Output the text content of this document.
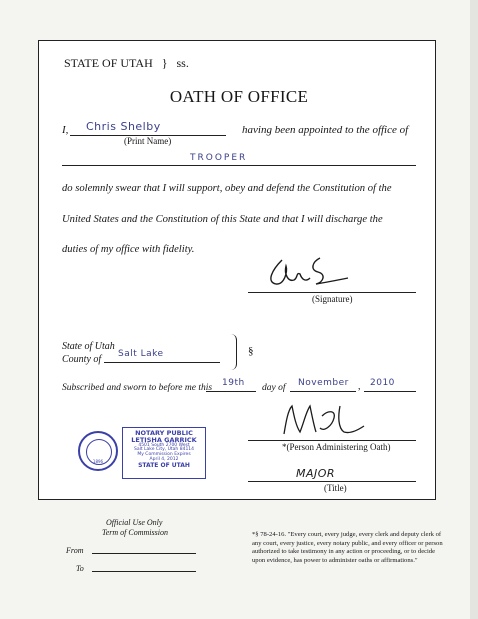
STATE OF UTAH } ss.
OATH OF OFFICE
I, Chris Shelby
(Print Name)
having been appointed to the office of
TROOPER
do solemnly swear that I will support, obey and defend the Constitution of the
United States and the Constitution of this State and that I will discharge the
duties of my office with fidelity.
(Signature)
State of Utah
County of Salt Lake	§
Subscribed and sworn to before me this 19th day of November , 2010
1896
NOTARY PUBLIC
LETISHA GARRICK
4501 South 2700 West
Salt Lake City, Utah 84114
My Commission Expires
April 4, 2012
STATE OF UTAH
*(Person Administering Oath)
MAJOR
(Title)
Official Use Only
Term of Commission
From
To
*§ 78-24-16. "Every court, every judge, every clerk and deputy clerk of any court, every justice, every notary public, and every officer or person authorized to take testimony in any action or proceeding, or to decide upon evidence, has power to administer oaths or affirmations."
